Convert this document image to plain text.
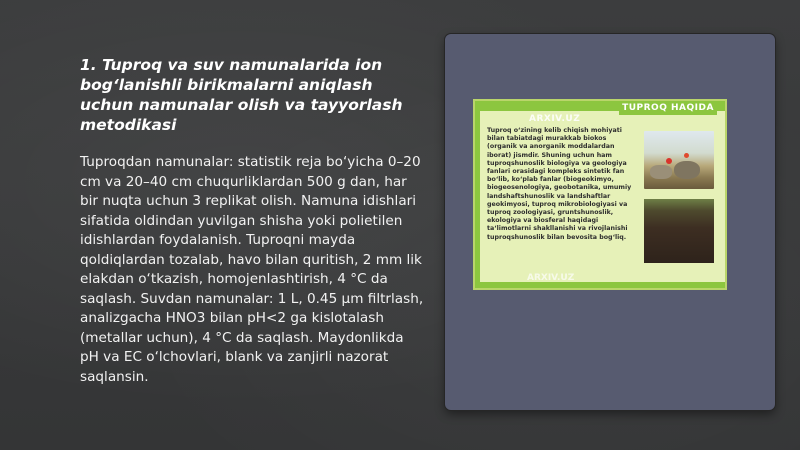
1. Tuproq va suv namunalarida ion bog‘lanishli birikmalarni aniqlash uchun namunalar olish va tayyorlash metodikasi

Tuproqdan namunalar: statistik reja bo‘yicha 0–20 cm va 20–40 cm chuqurliklardan 500 g dan, har bir nuqta uchun 3 replikat olish. Namuna idishlari sifatida oldindan yuvilgan shisha yoki polietilen idishlardan foydalanish. Tuproqni mayda qoldiqlardan tozalab, havo bilan quritish, 2 mm lik elakdan o‘tkazish, homojenlashtirish, 4 °C da saqlash. Suvdan namunalar: 1 L, 0.45 µm filtrlash, analizgacha HNO3 bilan pH<2 ga kislotalash (metallar uchun), 4 °C da saqlash. Maydonlikda pH va EC o‘lchovlari, blank va zanjirli nazorat saqlansin.

TUPROQ HAQIDA
ARXIV.UZ
ARXIV.UZ

Tuproq o‘zining kelib chiqish mohiyati bilan tabiatdagi murakkab biokos (organik va anorganik moddalardan iborat) jismdir. Shuning uchun ham tuproqshunoslik biologiya va geologiya fanlari orasidagi kompleks sintetik fan bo‘lib, ko‘plab fanlar (biogeokimyo, biogeosenologiya, geobotanika, umumiy landshaftshunoslik va landshaftlar geokimyosi, tuproq mikrobiologiyasi va tuproq zoologiyasi, gruntshunoslik, ekologiya va biosferal haqidagi ta‘limotlarni shakllanishi va rivojlanishi tuproqshunoslik bilan bevosita bog‘liq.
